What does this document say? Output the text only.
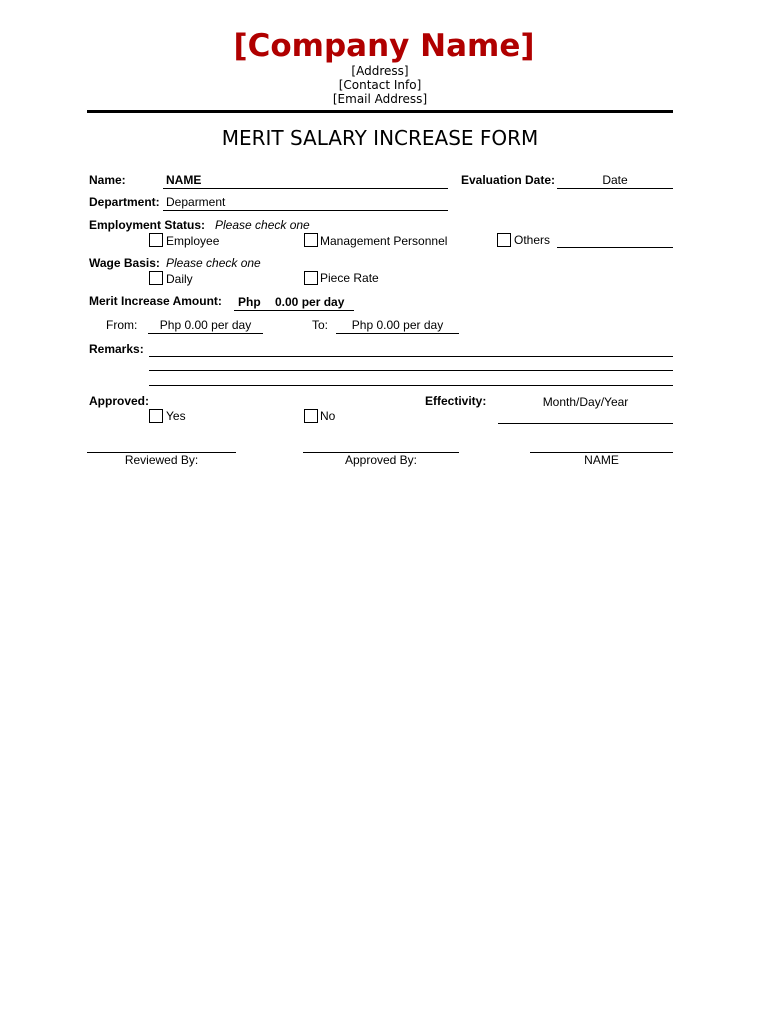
[Company Name]
[Address]
[Contact Info]
[Email Address]
MERIT SALARY INCREASE FORM
Name:	NAME	Evaluation Date:	Date
Department: Deparment
Employment Status: Please check one
Employee	Management Personnel	Others
Wage Basis: Please check one
Daily	Piece Rate
Merit Increase Amount: Php 0.00 per day
From:	Php 0.00 per day	To:	Php 0.00 per day
Remarks:
Approved:
Yes	No
Effectivity:	Month/Day/Year
Reviewed By:	Approved By:	NAME
